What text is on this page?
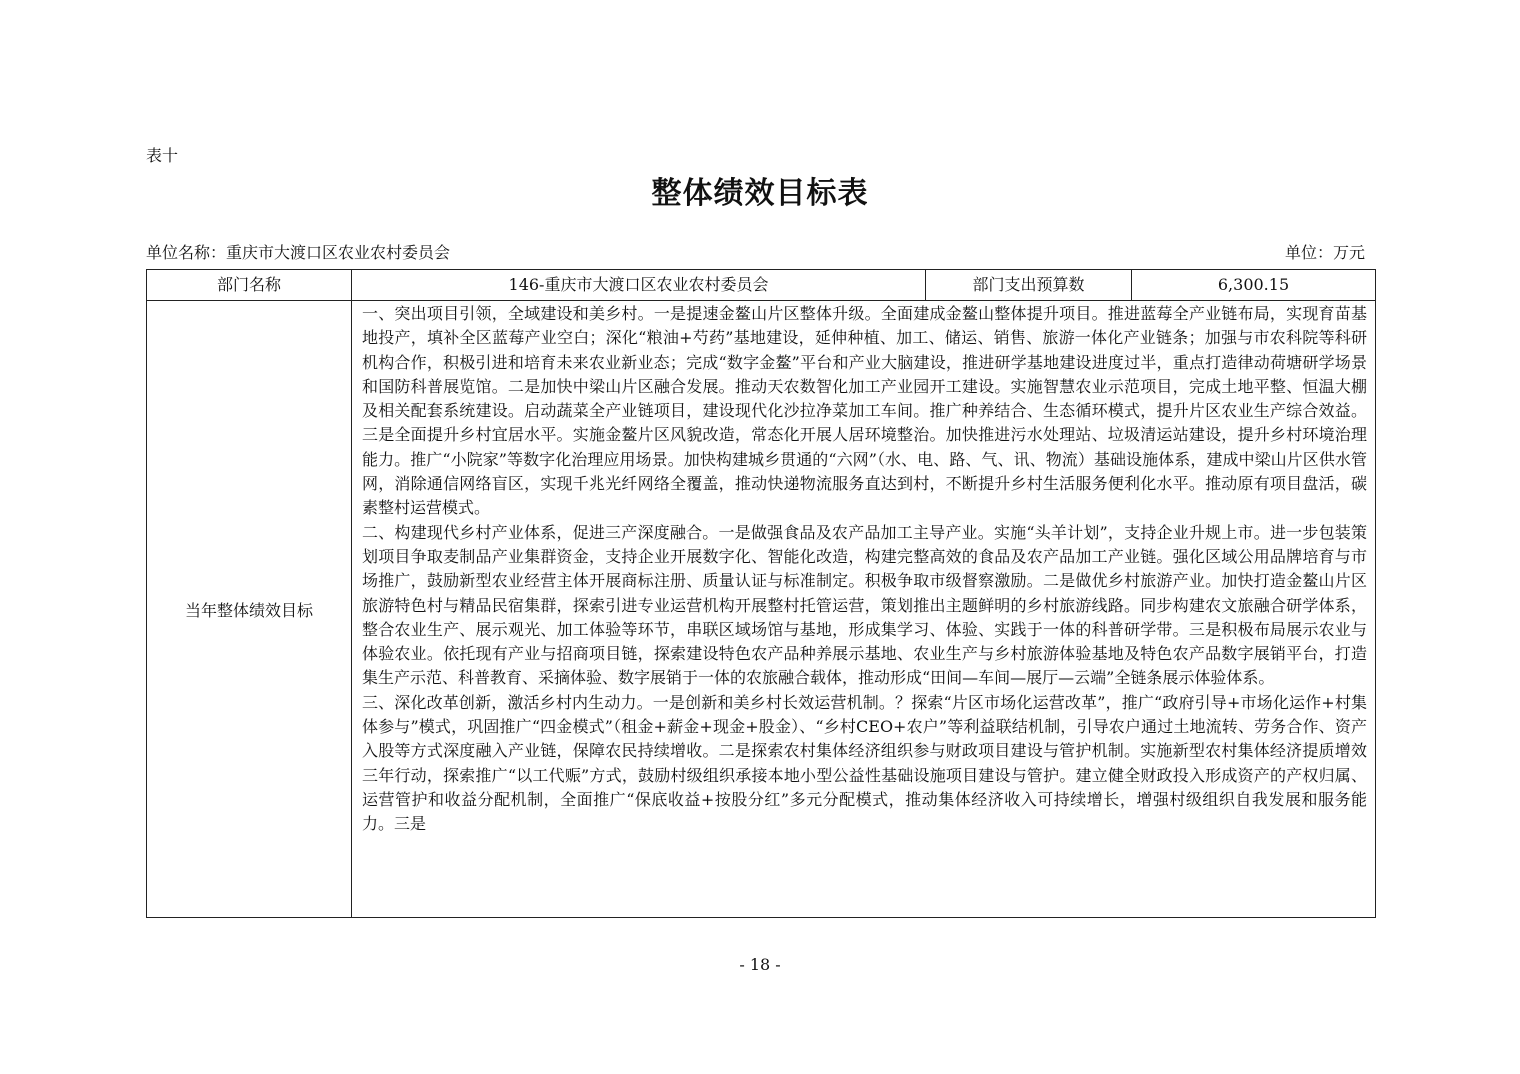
表十
整体绩效目标表
单位名称：重庆市大渡口区农业农村委员会	单位：万元
部门名称	146-重庆市大渡口区农业农村委员会	部门支出预算数	6,300.15
当年整体绩效目标	一、突出项目引领，全域建设和美乡村。一是提速金鳌山片区整体升级。全面建成金鳌山整体提升项目。推进蓝莓全产业链布局，实现育苗基地投产，填补全区蓝莓产业空白；深化“粮油+芍药”基地建设，延伸种植、加工、储运、销售、旅游一体化产业链条；加强与市农科院等科研机构合作，积极引进和培育未来农业新业态；完成“数字金鳌”平台和产业大脑建设，推进研学基地建设进度过半，重点打造律动荷塘研学场景和国防科普展览馆。二是加快中梁山片区融合发展。推动天农数智化加工产业园开工建设。实施智慧农业示范项目，完成土地平整、恒温大棚及相关配套系统建设。启动蔬菜全产业链项目，建设现代化沙拉净菜加工车间。推广种养结合、生态循环模式，提升片区农业生产综合效益。三是全面提升乡村宜居水平。实施金鳌片区风貌改造，常态化开展人居环境整治。加快推进污水处理站、垃圾清运站建设，提升乡村环境治理能力。推广“小院家”等数字化治理应用场景。加快构建城乡贯通的“六网”（水、电、路、气、讯、物流）基础设施体系，建成中梁山片区供水管网，消除通信网络盲区，实现千兆光纤网络全覆盖，推动快递物流服务直达到村，不断提升乡村生活服务便利化水平。推动原有项目盘活，碳素整村运营模式。

二、构建现代乡村产业体系，促进三产深度融合。一是做强食品及农产品加工主导产业。实施“头羊计划”，支持企业升规上市。进一步包装策划项目争取麦制品产业集群资金，支持企业开展数字化、智能化改造，构建完整高效的食品及农产品加工产业链。强化区域公用品牌培育与市场推广，鼓励新型农业经营主体开展商标注册、质量认证与标准制定。积极争取市级督察激励。二是做优乡村旅游产业。加快打造金鳌山片区旅游特色村与精品民宿集群，探索引进专业运营机构开展整村托管运营，策划推出主题鲜明的乡村旅游线路。同步构建农文旅融合研学体系，整合农业生产、展示观光、加工体验等环节，串联区域场馆与基地，形成集学习、体验、实践于一体的科普研学带。三是积极布局展示农业与体验农业。依托现有产业与招商项目链，探索建设特色农产品种养展示基地、农业生产与乡村旅游体验基地及特色农产品数字展销平台，打造集生产示范、科普教育、采摘体验、数字展销于一体的农旅融合载体，推动形成“田间—车间—展厅—云端”全链条展示体验体系。

三、深化改革创新，激活乡村内生动力。一是创新和美乡村长效运营机制。？探索“片区市场化运营改革”，推广“政府引导+市场化运作+村集体参与”模式，巩固推广“四金模式”（租金+薪金+现金+股金）、“乡村CEO+农户”等利益联结机制，引导农户通过土地流转、劳务合作、资产入股等方式深度融入产业链，保障农民持续增收。二是探索农村集体经济组织参与财政项目建设与管护机制。实施新型农村集体经济提质增效三年行动，探索推广“以工代赈”方式，鼓励村级组织承接本地小型公益性基础设施项目建设与管护。建立健全财政投入形成资产的产权归属、运营管护和收益分配机制，全面推广“保底收益+按股分红”多元分配模式，推动集体经济收入可持续增长，增强村级组织自我发展和服务能力。三是		

- 18 -
